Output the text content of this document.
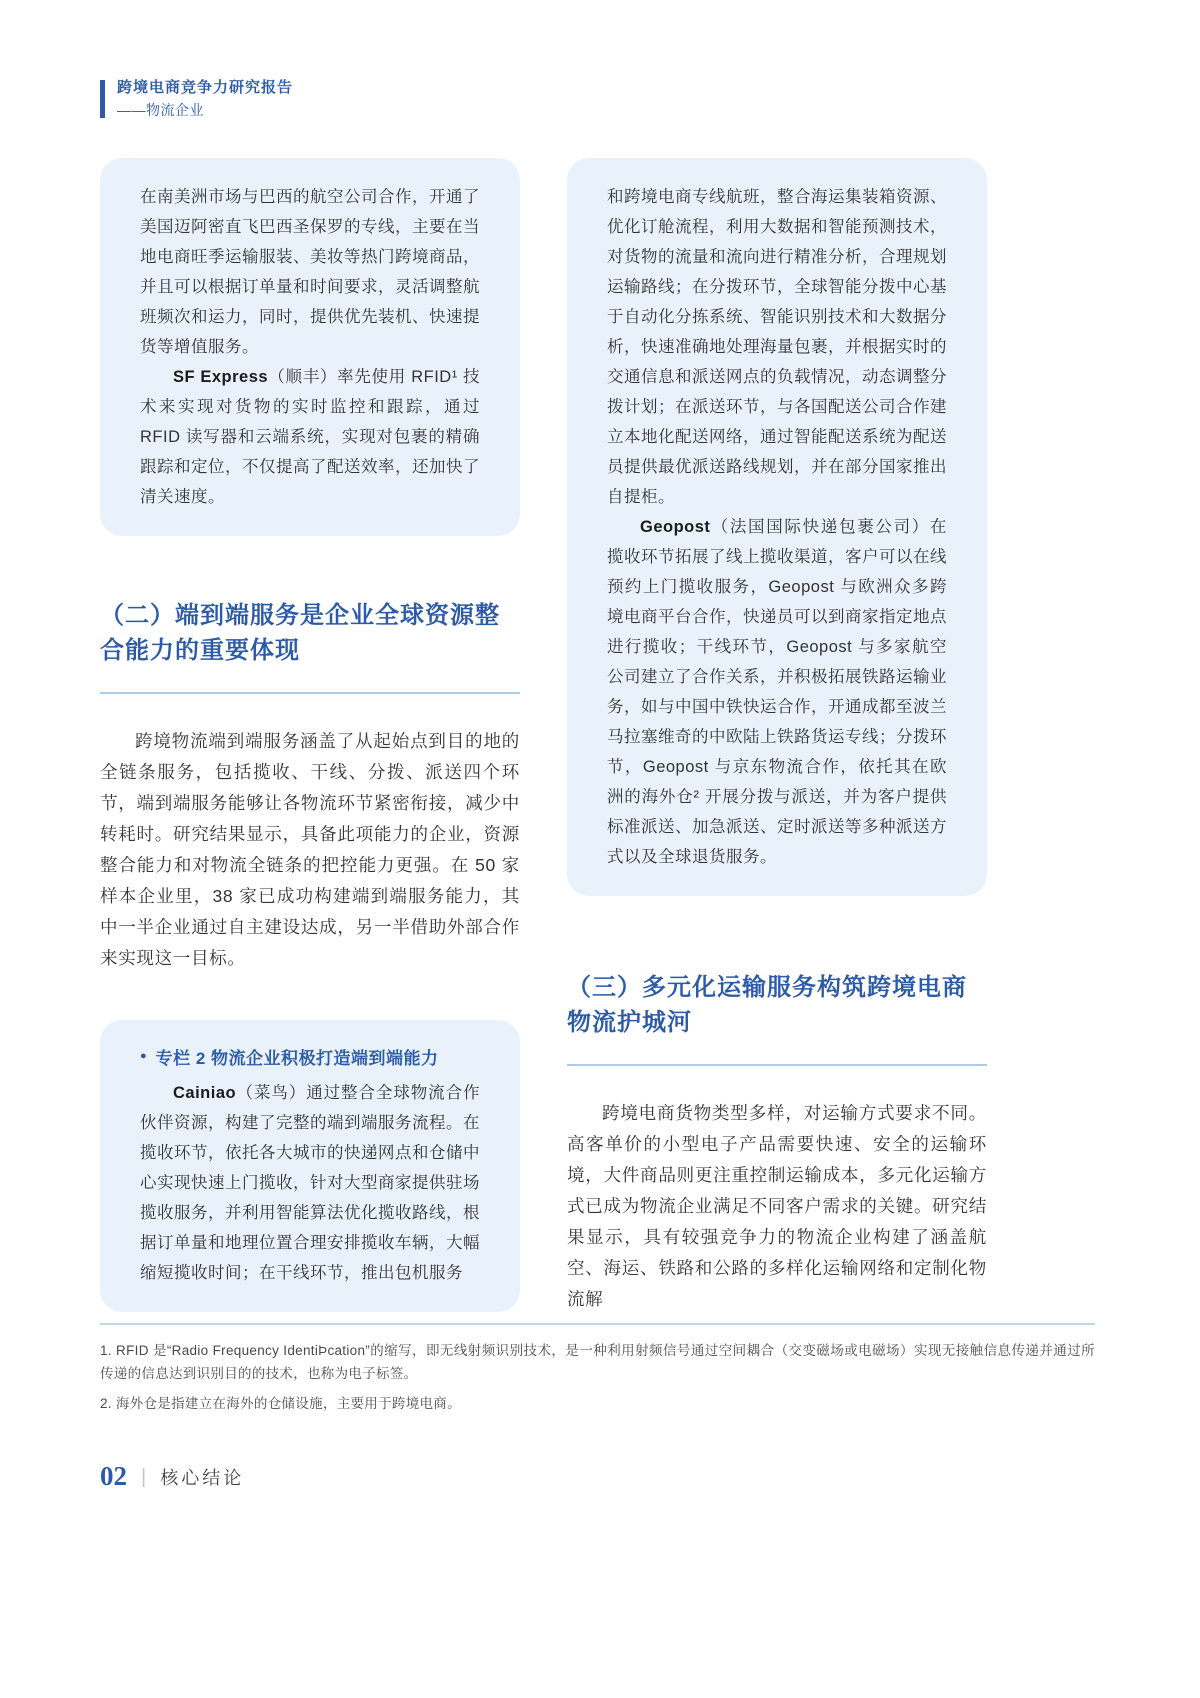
跨境电商竞争力研究报告
——物流企业

在南美洲市场与巴西的航空公司合作，开通了美国迈阿密直飞巴西圣保罗的专线，主要在当地电商旺季运输服装、美妆等热门跨境商品，并且可以根据订单量和时间要求，灵活调整航班频次和运力，同时，提供优先装机、快速提货等增值服务。

SF Express（顺丰）率先使用 RFID¹ 技术来实现对货物的实时监控和跟踪，通过 RFID 读写器和云端系统，实现对包裹的精确跟踪和定位，不仅提高了配送效率，还加快了清关速度。

（二）端到端服务是企业全球资源整合能力的重要体现

跨境物流端到端服务涵盖了从起始点到目的地的全链条服务，包括揽收、干线、分拨、派送四个环节，端到端服务能够让各物流环节紧密衔接，减少中转耗时。研究结果显示，具备此项能力的企业，资源整合能力和对物流全链条的把控能力更强。在 50 家样本企业里，38 家已成功构建端到端服务能力，其中一半企业通过自主建设达成，另一半借助外部合作来实现这一目标。

● 专栏 2 物流企业积极打造端到端能力

Cainiao（菜鸟）通过整合全球物流合作伙伴资源，构建了完整的端到端服务流程。在揽收环节，依托各大城市的快递网点和仓储中心实现快速上门揽收，针对大型商家提供驻场揽收服务，并利用智能算法优化揽收路线，根据订单量和地理位置合理安排揽收车辆，大幅缩短揽收时间；在干线环节，推出包机服务

和跨境电商专线航班，整合海运集装箱资源、优化订舱流程，利用大数据和智能预测技术，对货物的流量和流向进行精准分析，合理规划运输路线；在分拨环节，全球智能分拨中心基于自动化分拣系统、智能识别技术和大数据分析，快速准确地处理海量包裹，并根据实时的交通信息和派送网点的负载情况，动态调整分拨计划；在派送环节，与各国配送公司合作建立本地化配送网络，通过智能配送系统为配送员提供最优派送路线规划，并在部分国家推出自提柜。

Geopost（法国国际快递包裹公司）在揽收环节拓展了线上揽收渠道，客户可以在线预约上门揽收服务，Geopost 与欧洲众多跨境电商平台合作，快递员可以到商家指定地点进行揽收；干线环节，Geopost 与多家航空公司建立了合作关系，并积极拓展铁路运输业务，如与中国中铁快运合作，开通成都至波兰马拉塞维奇的中欧陆上铁路货运专线；分拨环节，Geopost 与京东物流合作，依托其在欧洲的海外仓² 开展分拨与派送，并为客户提供标准派送、加急派送、定时派送等多种派送方式以及全球退货服务。

（三）多元化运输服务构筑跨境电商物流护城河

跨境电商货物类型多样，对运输方式要求不同。高客单价的小型电子产品需要快速、安全的运输环境，大件商品则更注重控制运输成本，多元化运输方式已成为物流企业满足不同客户需求的关键。研究结果显示，具有较强竞争力的物流企业构建了涵盖航空、海运、铁路和公路的多样化运输网络和定制化物流解

1. RFID 是“Radio Frequency IdentiÞcation”的缩写，即无线射频识别技术，是一种利用射频信号通过空间耦合（交变磁场或电磁场）实现无接触信息传递并通过所传递的信息达到识别目的的技术，也称为电子标签。

2. 海外仓是指建立在海外的仓储设施，主要用于跨境电商。

02 | 核心结论
